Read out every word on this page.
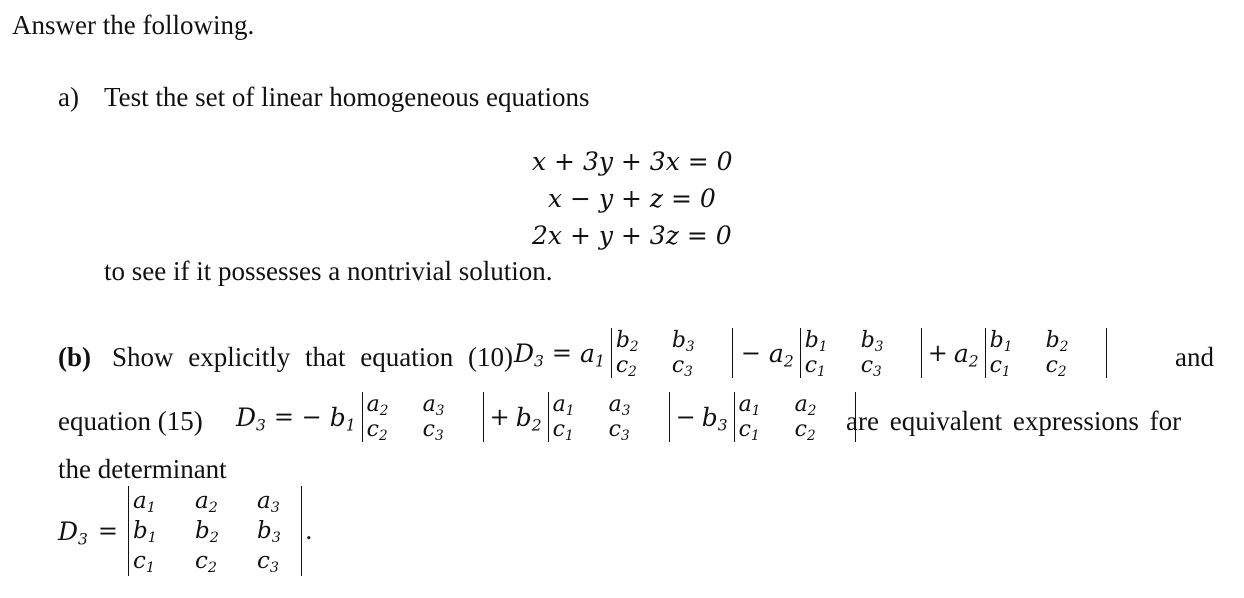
Answer the following.
a) Test the set of linear homogeneous equations
x + 3y + 3x = 0
x − y + z = 0
2x + y + 3z = 0
to see if it possesses a nontrivial solution.
(b) Show explicitly that equation (10) $D_3 = a_1$
$b_2$	$b_3$
$c_2$	$c_3$
− $a_2$
$b_1$	$b_3$
$c_1$	$c_3$
+ $a_2$
$b_1$	$b_2$
$c_1$	$c_2$	and
equation (15) $D_3$ = − $b_1$
$a_2$	$a_3$
$c_2$	$c_3$
+ $b_2$
$a_1$	$a_3$
$c_1$	$c_3$
− $b_3$
$a_1$	$a_2$
$c_1$	$c_2$	are equivalent expressions for
the determinant
$D_3$ =
$a_1$	$a_2$	$a_3$
$b_1$	$b_2$	$b_3$
$c_1$	$c_2$	$c_3$
.
